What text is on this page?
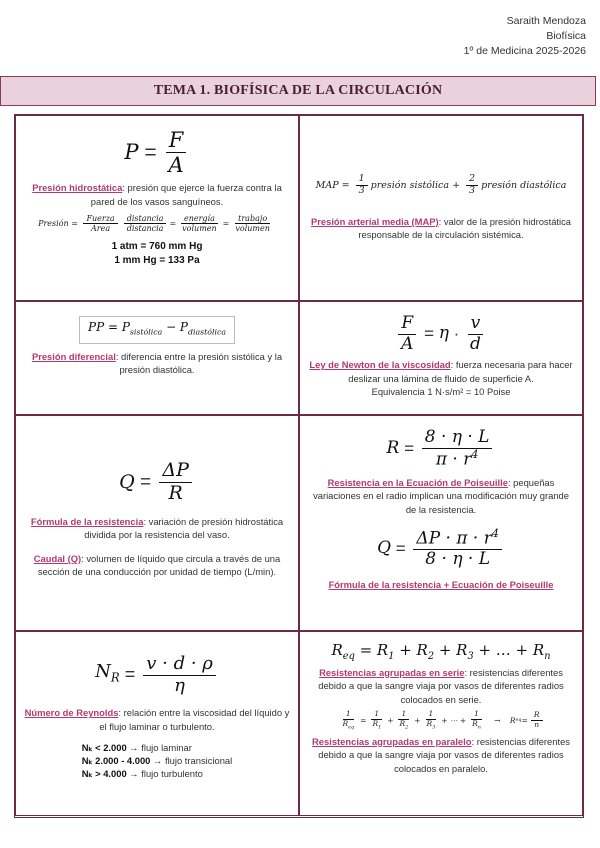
Saraith Mendoza
Biofísica
1º de Medicina 2025-2026
TEMA 1. BIOFÍSICA DE LA CIRCULACIÓN
$P = \frac{F}{A}$
Presión hidrostática: presión que ejerce la fuerza contra la pared de los vasos sanguíneos.
Presión = $\frac{\text{Fuerza}}{\text{Área}} \frac{\text{distancia}}{\text{distancia}} = \frac{\text{energía}}{\text{volumen}} = \frac{\text{trabajo}}{\text{volumen}}$
1 atm = 760 mm Hg
1 mm Hg = 133 Pa
MAP = $\frac{1}{3}$ presión sistólica + $\frac{2}{3}$ presión diastólica
Presión arterial media (MAP): valor de la presión hidrostática responsable de la circulación sistémica.
PP = $P_{sistólica} - P_{diastólica}$
Presión diferencial: diferencia entre la presión sistólica y la presión diastólica.
$\frac{F}{A} = \eta \cdot \frac{v}{d}$
Ley de Newton de la viscosidad: fuerza necesaria para hacer deslizar una lámina de fluido de superficie A.
Equivalencia 1 N·s/m² = 10 Poise
$Q = \frac{\Delta P}{R}$
Fórmula de la resistencia: variación de presión hidrostática dividida por la resistencia del vaso.
Caudal (Q): volumen de líquido que circula a través de una sección de una conducción por unidad de tiempo (L/min).
$R = \frac{8 \cdot \eta \cdot L}{\pi \cdot r^4}$
Resistencia en la Ecuación de Poiseuille: pequeñas variaciones en el radio implican una modificación muy grande de la resistencia.
$Q = \frac{\Delta P \cdot \pi \cdot r^4}{8 \cdot \eta \cdot L}$
Fórmula de la resistencia + Ecuación de Poiseuille
$N_R = \frac{v \cdot d \cdot \rho}{\eta}$
Número de Reynolds: relación entre la viscosidad del líquido y el flujo laminar o turbulento.
Nₖ < 2.000 → flujo laminar
Nₖ 2.000 - 4.000 → flujo transicional
Nₖ > 4.000 → flujo turbulento
$R_{eq} = R_1 + R_2 + R_3$ + … + $R_n$
Resistencias agrupadas en serie: resistencias diferentes debido a que la sangre viaja por vasos de diferentes radios colocados en serie.
$\frac{1}{R_{eq}} = \frac{1}{R_1} + \frac{1}{R_2} + \frac{1}{R_3}$ + ⋯ + $\frac{1}{R_n}$ →    R eq = $\frac{R}{n}$
Resistencias agrupadas en paralelo: resistencias diferentes debido a que la sangre viaja por vasos de diferentes radios colocados en paralelo.
